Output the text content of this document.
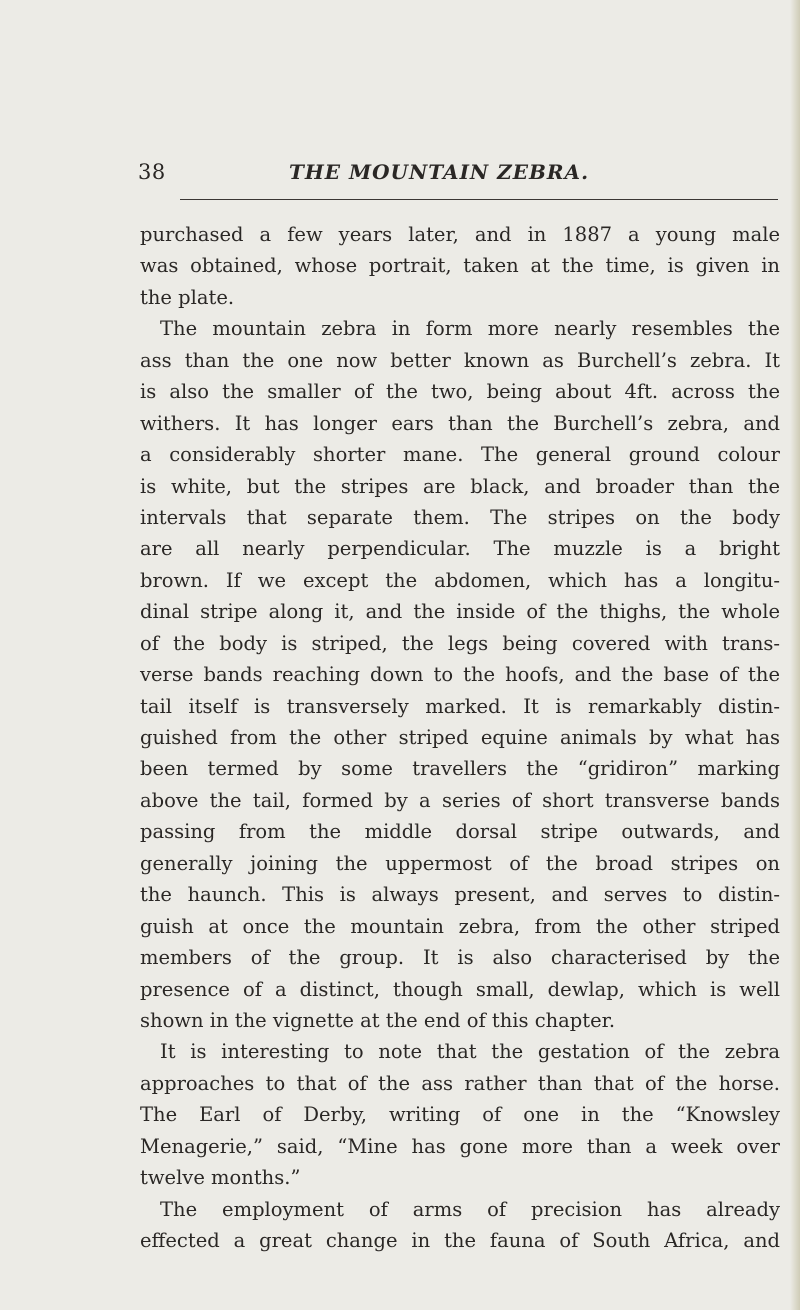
38	THE MOUNTAIN ZEBRA.
purchased a few years later, and in 1887 a young male
was obtained, whose portrait, taken at the time, is given in
the plate.
The mountain zebra in form more nearly resembles the
ass than the one now better known as Burchell’s zebra. It
is also the smaller of the two, being about 4ft. across the
withers. It has longer ears than the Burchell’s zebra, and
a considerably shorter mane. The general ground colour
is white, but the stripes are black, and broader than the
intervals that separate them. The stripes on the body
are all nearly perpendicular. The muzzle is a bright
brown. If we except the abdomen, which has a longitu-
dinal stripe along it, and the inside of the thighs, the whole
of the body is striped, the legs being covered with trans-
verse bands reaching down to the hoofs, and the base of the
tail itself is transversely marked. It is remarkably distin-
guished from the other striped equine animals by what has
been termed by some travellers the “gridiron” marking
above the tail, formed by a series of short transverse bands
passing from the middle dorsal stripe outwards, and
generally joining the uppermost of the broad stripes on
the haunch. This is always present, and serves to distin-
guish at once the mountain zebra, from the other striped
members of the group. It is also characterised by the
presence of a distinct, though small, dewlap, which is well
shown in the vignette at the end of this chapter.
It is interesting to note that the gestation of the zebra
approaches to that of the ass rather than that of the horse.
The Earl of Derby, writing of one in the “Knowsley
Menagerie,” said, “Mine has gone more than a week over
twelve months.”
The employment of arms of precision has already
effected a great change in the fauna of South Africa, and
